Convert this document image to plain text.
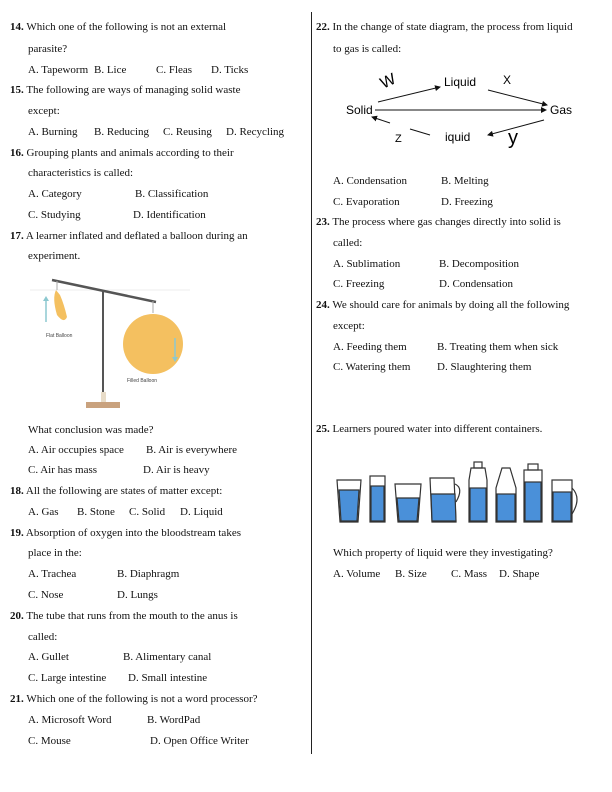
14. Which one of the following is not an external
parasite?
A. Tapeworm B. Lice	C. Fleas D. Ticks
15. The following are ways of managing solid waste
except:
A. Burning B. Reducing C. Reusing D. Recycling
16. Grouping plants and animals according to their
characteristics is called:
A. Category	B. Classification
C. Studying	D. Identification
17. A learner inflated and deflated a balloon during an
experiment.
Flat Balloon
Filled Balloon
What conclusion was made?
A. Air occupies space B. Air is everywhere
C. Air has mass	D. Air is heavy
18. All the following are states of matter except:
A. Gas B. Stone C. Solid D. Liquid
19. Absorption of oxygen into the bloodstream takes
place in the:
A. Trachea	B. Diaphragm
C. Nose	D. Lungs
20. The tube that runs from the mouth to the anus is
called:
A. Gullet	B. Alimentary canal
C. Large intestine D. Small intestine
21. Which one of the following is not a word processor?
A. Microsoft Word	B. WordPad
C. Mouse	D. Open Office Writer
22. In the change of state diagram, the process from liquid
to gas is called:
Solid
Liquid
Gas
iquid
W	X
y
Z
A. Condensation	B. Melting
C. Evaporation	D. Freezing
23. The process where gas changes directly into solid is
called:
A. Sublimation	B. Decomposition
C. Freezing	D. Condensation
24. We should care for animals by doing all the following
except:
A. Feeding them	B. Treating them when sick
C. Watering them D. Slaughtering them
25. Learners poured water into different containers.
Which property of liquid were they investigating?
A. Volume B. Size C. Mass D. Shape
